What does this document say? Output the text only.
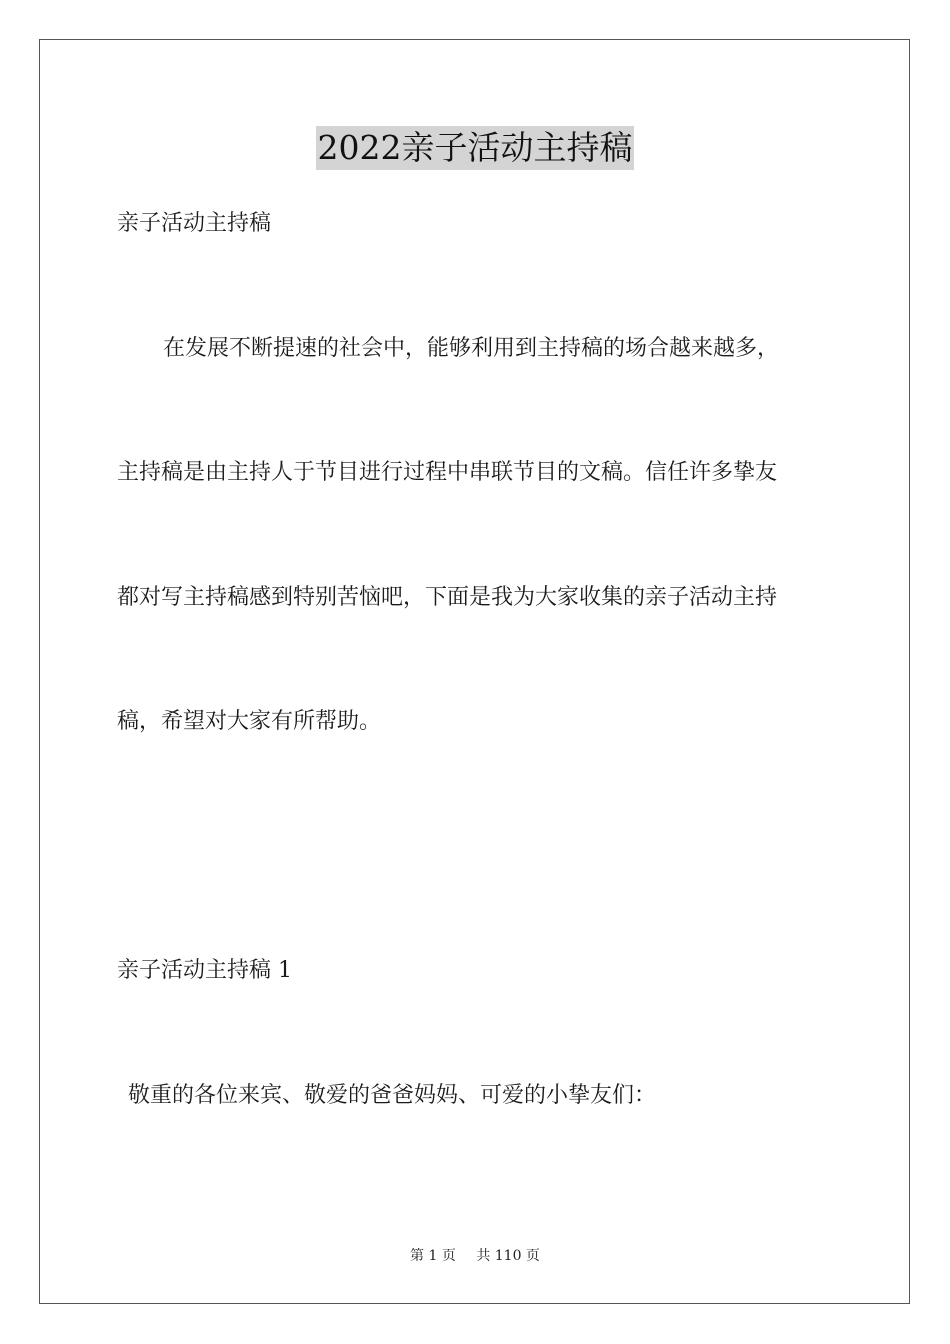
2022亲子活动主持稿
亲子活动主持稿
在发展不断提速的社会中，能够利用到主持稿的场合越来越多，
主持稿是由主持人于节目进行过程中串联节目的文稿。信任许多挚友
都对写主持稿感到特别苦恼吧，下面是我为大家收集的亲子活动主持
稿，希望对大家有所帮助。
亲子活动主持稿 1
敬重的各位来宾、敬爱的爸爸妈妈、可爱的小挚友们：
第 1 页 共 110 页
